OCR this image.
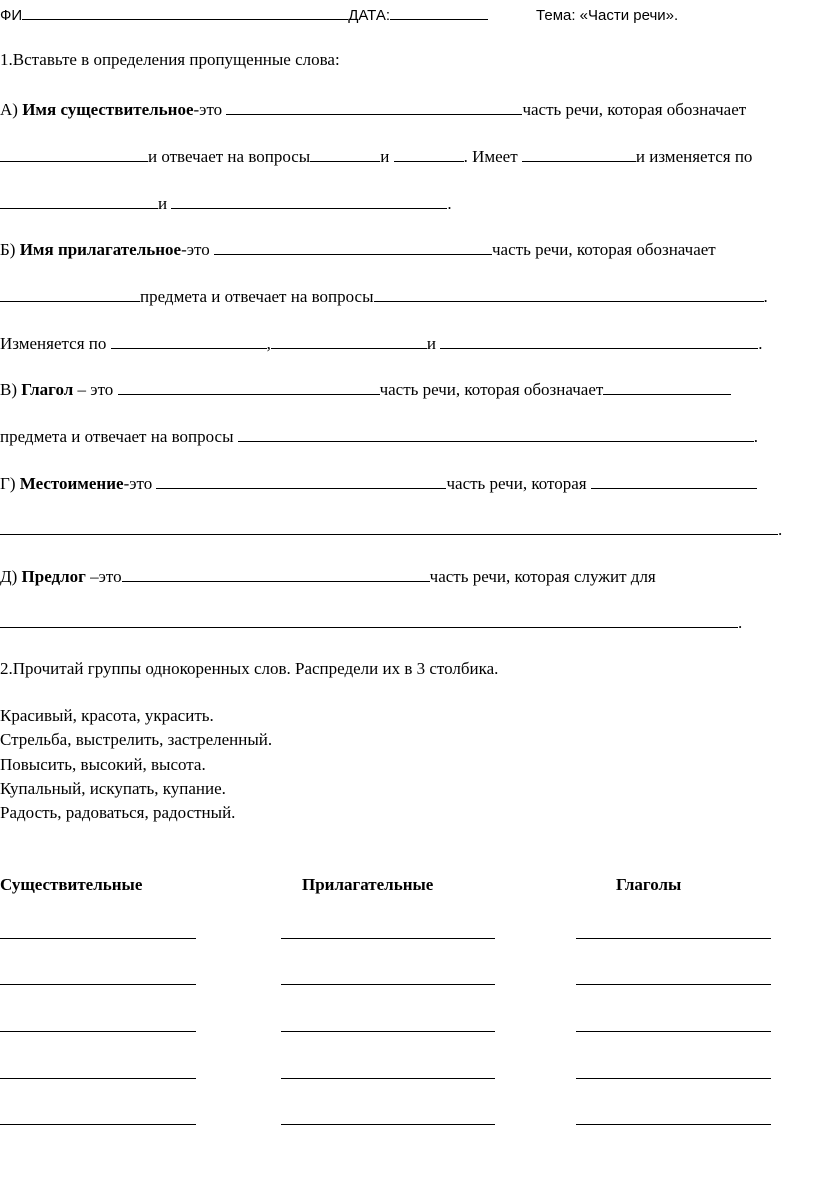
ФИ	ДАТА:	Тема: «Части речи».
1.Вставьте в определения пропущенные слова:
А) Имя существительное-это	часть речи, которая обозначает
и отвечает на вопросы	и	. Имеет	и изменяется по
и	.
Б) Имя прилагательное-это	часть речи, которая обозначает
предмета и отвечает на вопросы	.
Изменяется по	,	и	.
В) Глагол – это	часть речи, которая обозначает
предмета и отвечает на вопросы	.
Г) Местоимение-это	часть речи, которая
.
Д) Предлог –это	часть речи, которая служит для
.
2.Прочитай группы однокоренных слов. Распредели их в 3 столбика.
Красивый, красота, украсить.
Стрельба, выстрелить, застреленный.
Повысить, высокий, высота.
Купальный, искупать, купание.
Радость, радоваться, радостный.
Существительные	Прилагательные	Глаголы
